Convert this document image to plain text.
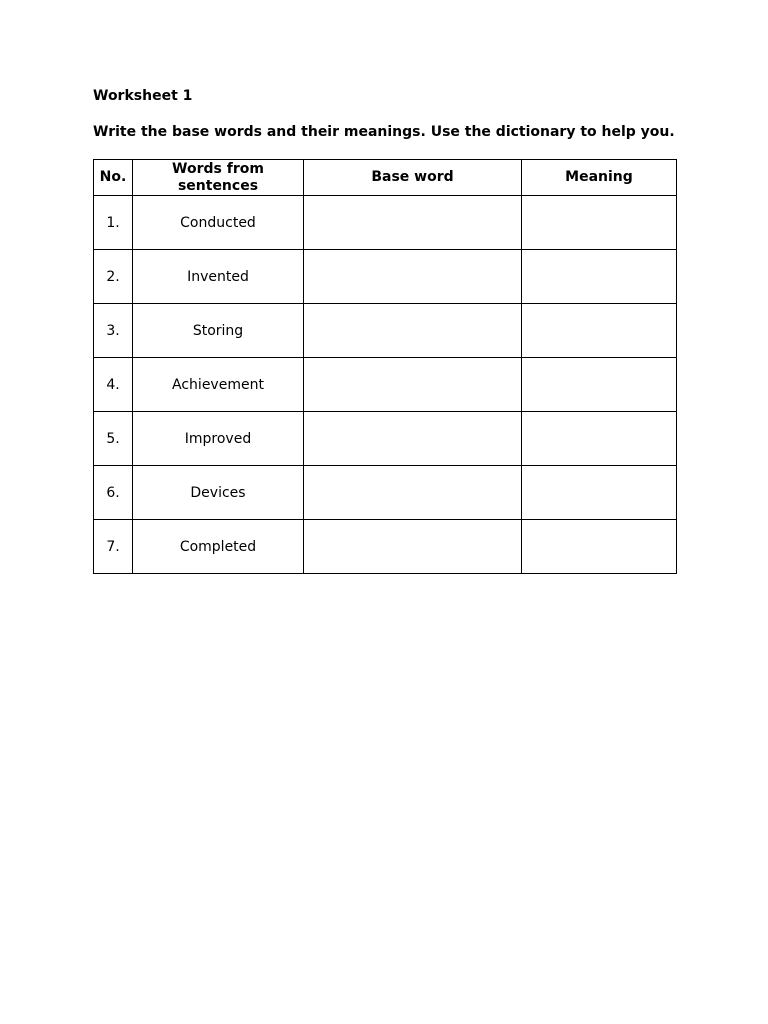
Worksheet 1
Write the base words and their meanings. Use the dictionary to help you.
No.	Words from sentences	Base word	Meaning
1.	Conducted		
2.	Invented		
3.	Storing		
4.	Achievement		
5.	Improved		
6.	Devices		
7.	Completed		
